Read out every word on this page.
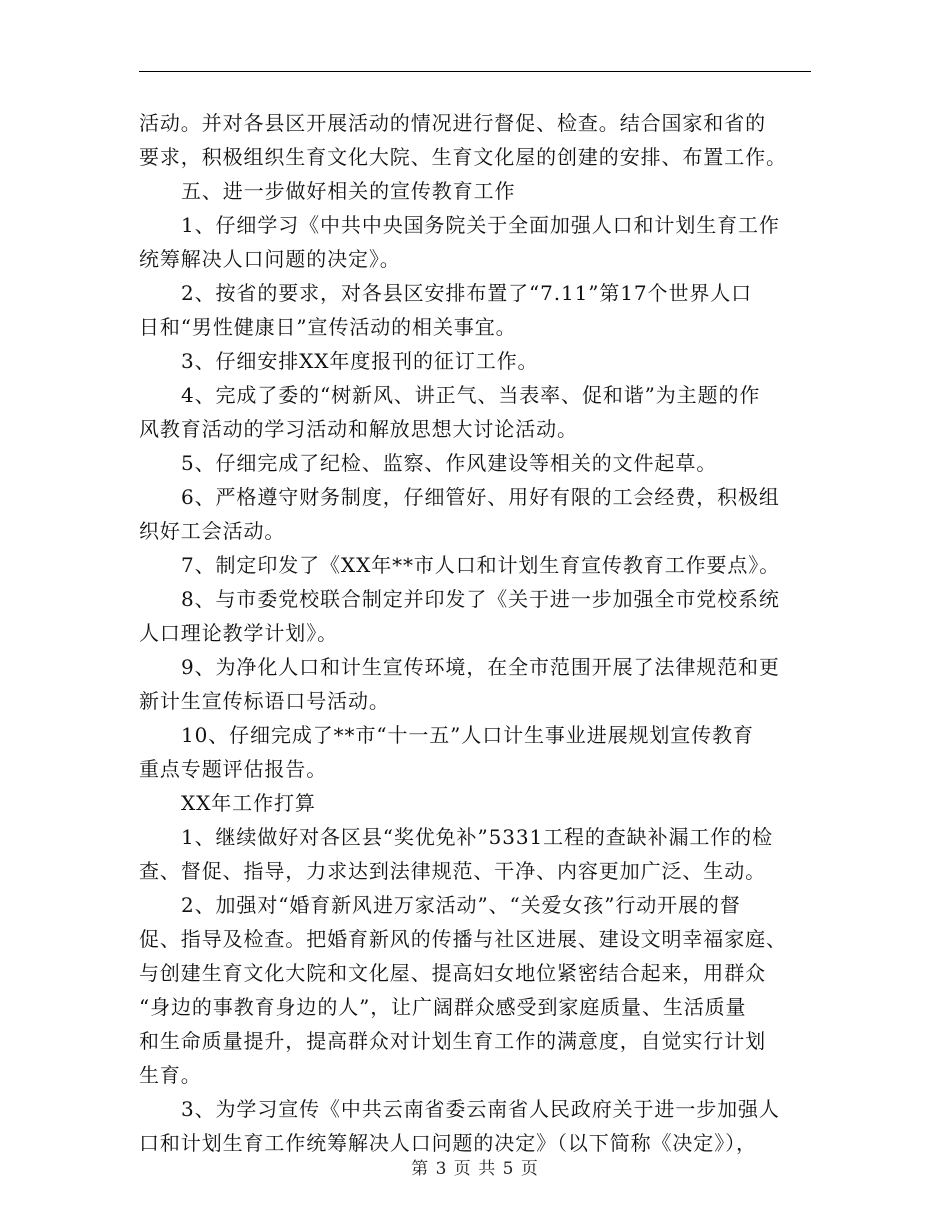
活动。并对各县区开展活动的情况进行督促、检查。结合国家和省的
要求，积极组织生育文化大院、生育文化屋的创建的安排、布置工作。
五、进一步做好相关的宣传教育工作
1、仔细学习《中共中央国务院关于全面加强人口和计划生育工作
统筹解决人口问题的决定》。
2、按省的要求，对各县区安排布置了“7.11”第17个世界人口
日和“男性健康日”宣传活动的相关事宜。
3、仔细安排XX年度报刊的征订工作。
4、完成了委的“树新风、讲正气、当表率、促和谐”为主题的作
风教育活动的学习活动和解放思想大讨论活动。
5、仔细完成了纪检、监察、作风建设等相关的文件起草。
6、严格遵守财务制度，仔细管好、用好有限的工会经费，积极组
织好工会活动。
7、制定印发了《XX年**市人口和计划生育宣传教育工作要点》。
8、与市委党校联合制定并印发了《关于进一步加强全市党校系统
人口理论教学计划》。
9、为净化人口和计生宣传环境，在全市范围开展了法律规范和更
新计生宣传标语口号活动。
10、仔细完成了**市“十一五”人口计生事业进展规划宣传教育
重点专题评估报告。
XX年工作打算
1、继续做好对各区县“奖优免补”5331工程的查缺补漏工作的检
查、督促、指导，力求达到法律规范、干净、内容更加广泛、生动。
2、加强对“婚育新风进万家活动”、“关爱女孩”行动开展的督
促、指导及检查。把婚育新风的传播与社区进展、建设文明幸福家庭、
与创建生育文化大院和文化屋、提高妇女地位紧密结合起来，用群众
“身边的事教育身边的人”，让广阔群众感受到家庭质量、生活质量
和生命质量提升，提高群众对计划生育工作的满意度，自觉实行计划
生育。
3、为学习宣传《中共云南省委云南省人民政府关于进一步加强人
口和计划生育工作统筹解决人口问题的决定》（以下简称《决定》），
第 3 页 共 5 页
